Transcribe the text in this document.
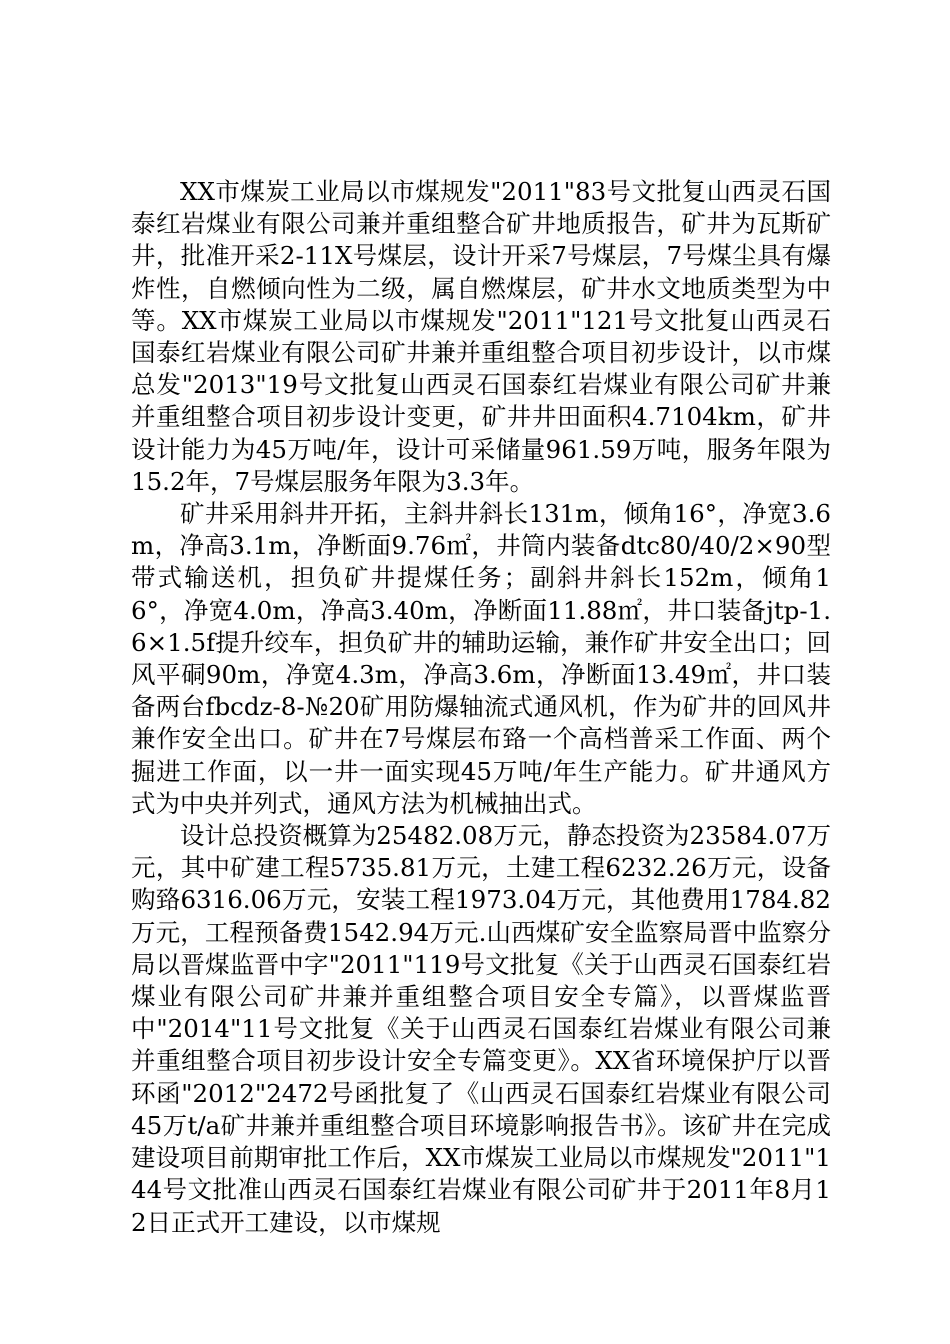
XX市煤炭工业局以市煤规发"2011"83号文批复山西灵石国泰红岩煤业有限公司兼并重组整合矿井地质报告，矿井为瓦斯矿井，批准开采2-11X号煤层，设计开采7号煤层，7号煤尘具有爆炸性，自燃倾向性为二级，属自燃煤层，矿井水文地质类型为中等。XX市煤炭工业局以市煤规发"2011"121号文批复山西灵石国泰红岩煤业有限公司矿井兼并重组整合项目初步设计，以市煤总发"2013"19号文批复山西灵石国泰红岩煤业有限公司矿井兼并重组整合项目初步设计变更，矿井井田面积4.7104km，矿井设计能力为45万吨/年，设计可采储量961.59万吨，服务年限为15.2年，7号煤层服务年限为3.3年。

矿井采用斜井开拓，主斜井斜长131m，倾角16°，净宽3.6m，净高3.1m，净断面9.76㎡，井筒内装备dtc80/40/2×90型带式输送机，担负矿井提煤任务；副斜井斜长152m，倾角16°，净宽4.0m，净高3.40m，净断面11.88㎡，井口装备jtp-1.6×1.5f提升绞车，担负矿井的辅助运输，兼作矿井安全出口；回风平硐90m，净宽4.3m，净高3.6m，净断面13.49㎡，井口装备两台fbcdz-8-№20矿用防爆轴流式通风机，作为矿井的回风井兼作安全出口。矿井在7号煤层布臵一个高档普采工作面、两个掘进工作面，以一井一面实现45万吨/年生产能力。矿井通风方式为中央并列式，通风方法为机械抽出式。

设计总投资概算为25482.08万元，静态投资为23584.07万元，其中矿建工程5735.81万元，土建工程6232.26万元，设备购臵6316.06万元，安装工程1973.04万元，其他费用1784.82万元，工程预备费1542.94万元.山西煤矿安全监察局晋中监察分局以晋煤监晋中字"2011"119号文批复《关于山西灵石国泰红岩煤业有限公司矿井兼并重组整合项目安全专篇》，以晋煤监晋中"2014"11号文批复《关于山西灵石国泰红岩煤业有限公司兼并重组整合项目初步设计安全专篇变更》。XX省环境保护厅以晋环函"2012"2472号函批复了《山西灵石国泰红岩煤业有限公司45万t/a矿井兼并重组整合项目环境影响报告书》。该矿井在完成建设项目前期审批工作后，XX市煤炭工业局以市煤规发"2011"144号文批准山西灵石国泰红岩煤业有限公司矿井于2011年8月12日正式开工建设，以市煤规
